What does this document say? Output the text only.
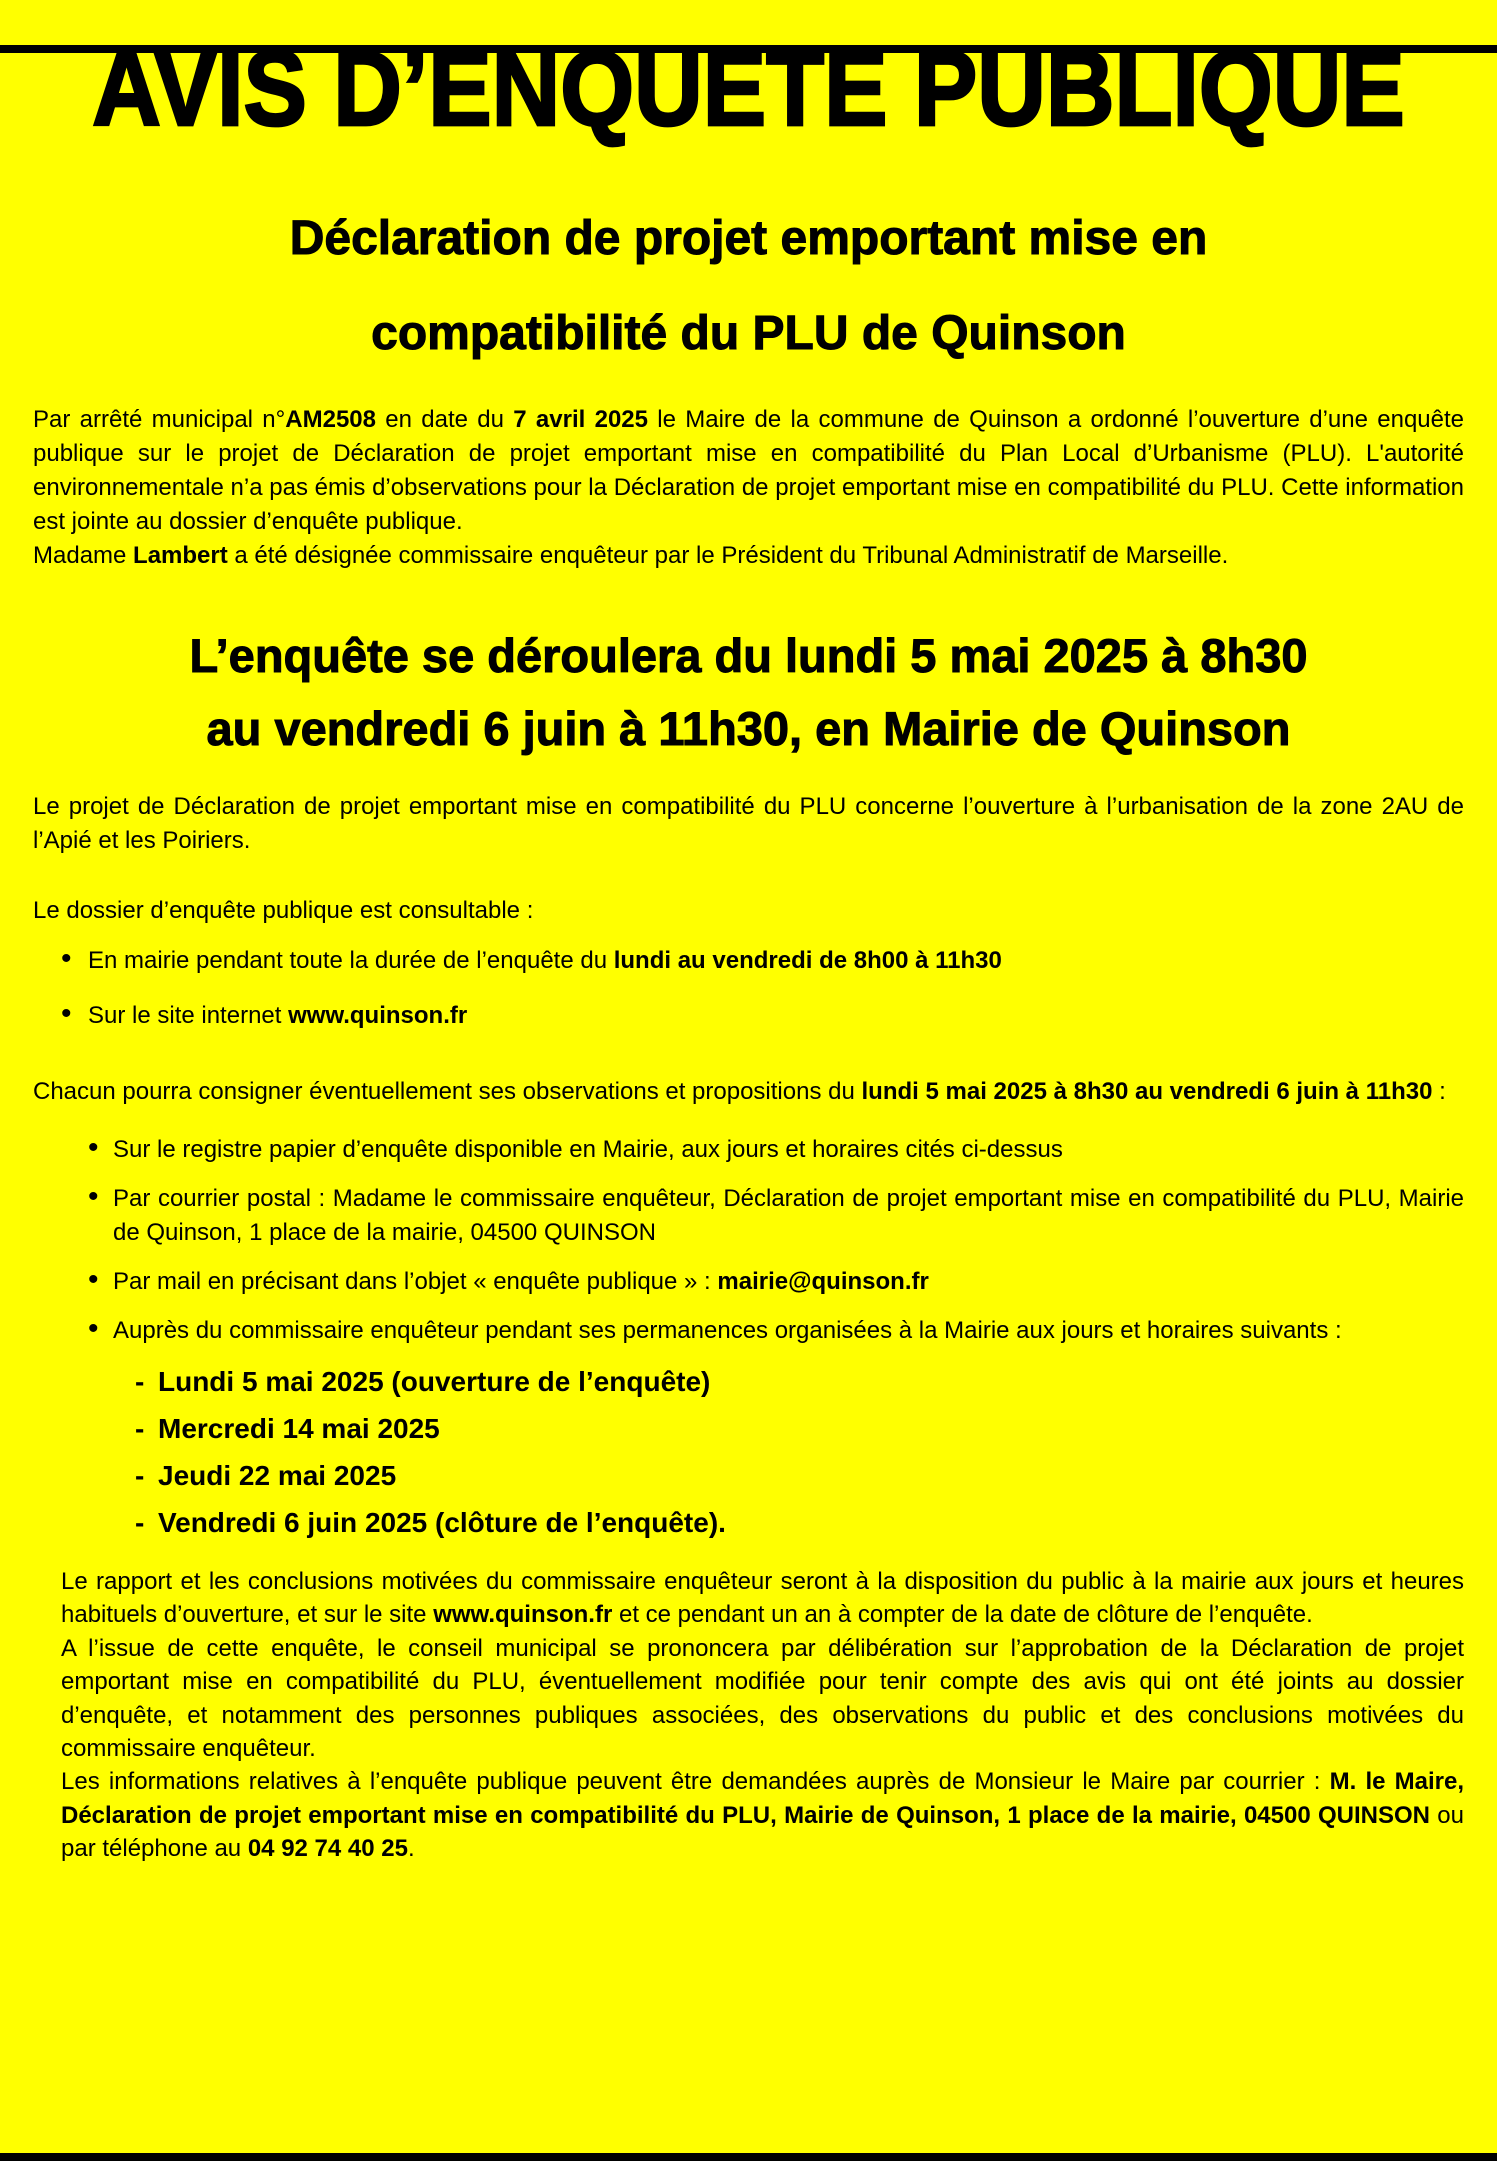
AVIS D’ENQUETE PUBLIQUE
Déclaration de projet emportant mise en
compatibilité du PLU de Quinson

Par arrêté municipal n°AM2508 en date du 7 avril 2025 le Maire de la commune de Quinson a ordonné l’ouverture d’une enquête publique sur le projet de Déclaration de projet emportant mise en compatibilité du Plan Local d’Urbanisme (PLU). L'autorité environnementale n’a pas émis d’observations pour la Déclaration de projet emportant mise en compatibilité du PLU. Cette information est jointe au dossier d’enquête publique.

Madame Lambert a été désignée commissaire enquêteur par le Président du Tribunal Administratif de Marseille.

L’enquête se déroulera du lundi 5 mai 2025 à 8h30
au vendredi 6 juin à 11h30, en Mairie de Quinson

Le projet de Déclaration de projet emportant mise en compatibilité du PLU concerne l’ouverture à l’urbanisation de la zone 2AU de l’Apié et les Poiriers.

Le dossier d’enquête publique est consultable :

• En mairie pendant toute la durée de l’enquête du lundi au vendredi de 8h00 à 11h30
• Sur le site internet www.quinson.fr

Chacun pourra consigner éventuellement ses observations et propositions du lundi 5 mai 2025 à 8h30 au vendredi 6 juin à 11h30 :

• Sur le registre papier d’enquête disponible en Mairie, aux jours et horaires cités ci-dessus
• Par courrier postal : Madame le commissaire enquêteur, Déclaration de projet emportant mise en compatibilité du PLU, Mairie de Quinson, 1 place de la mairie, 04500 QUINSON
• Par mail en précisant dans l’objet « enquête publique » : mairie@quinson.fr
• Auprès du commissaire enquêteur pendant ses permanences organisées à la Mairie aux jours et horaires suivants :
- Lundi 5 mai 2025 (ouverture de l’enquête)
- Mercredi 14 mai 2025
- Jeudi 22 mai 2025
- Vendredi 6 juin 2025 (clôture de l’enquête).

Le rapport et les conclusions motivées du commissaire enquêteur seront à la disposition du public à la mairie aux jours et heures habituels d’ouverture, et sur le site www.quinson.fr et ce pendant un an à compter de la date de clôture de l’enquête.

A l’issue de cette enquête, le conseil municipal se prononcera par délibération sur l’approbation de la Déclaration de projet emportant mise en compatibilité du PLU, éventuellement modifiée pour tenir compte des avis qui ont été joints au dossier d’enquête, et notamment des personnes publiques associées, des observations du public et des conclusions motivées du commissaire enquêteur.

Les informations relatives à l’enquête publique peuvent être demandées auprès de Monsieur le Maire par courrier : M. le Maire, Déclaration de projet emportant mise en compatibilité du PLU, Mairie de Quinson, 1 place de la mairie, 04500 QUINSON ou par téléphone au 04 92 74 40 25.
